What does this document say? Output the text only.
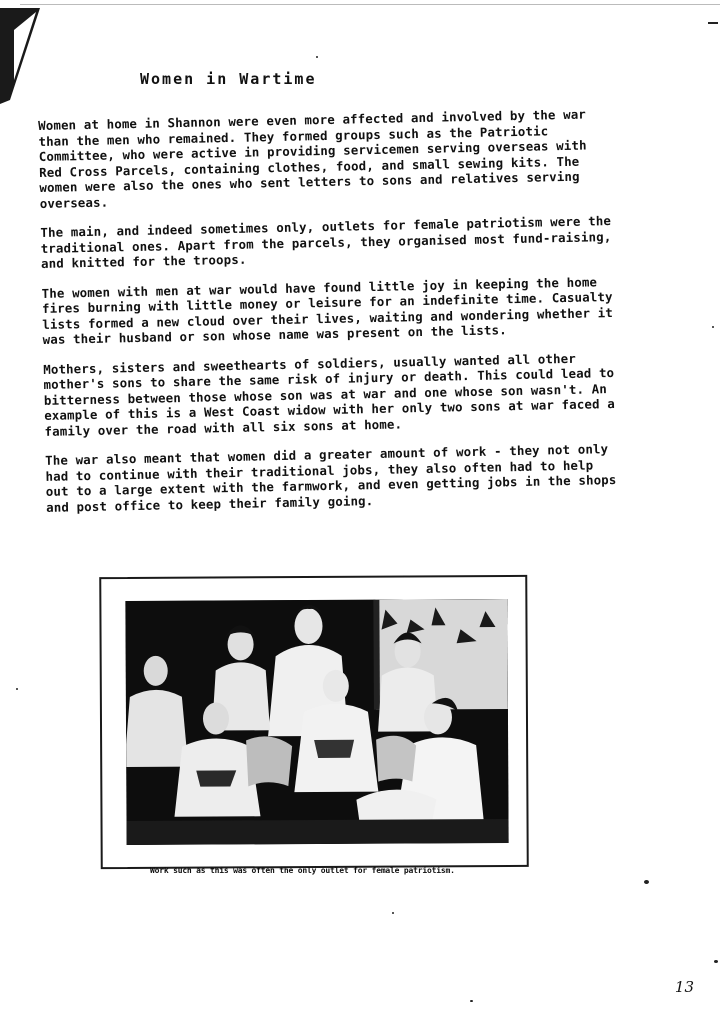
Women in Wartime

Women at home in Shannon were even more affected and involved by the war than the men who remained. They formed groups such as the Patriotic Committee, who were active in providing servicemen serving overseas with Red Cross Parcels, containing clothes, food, and small sewing kits. The women were also the ones who sent letters to sons and relatives serving overseas.

The main, and indeed sometimes only, outlets for female patriotism were the traditional ones. Apart from the parcels, they organised most fund-raising, and knitted for the troops.

The women with men at war would have found little joy in keeping the home fires burning with little money or leisure for an indefinite time. Casualty lists formed a new cloud over their lives, waiting and wondering whether it was their husband or son whose name was present on the lists.

Mothers, sisters and sweethearts of soldiers, usually wanted all other mother's sons to share the same risk of injury or death. This could lead to bitterness between those whose son was at war and one whose son wasn't. An example of this is a West Coast widow with her only two sons at war faced a family over the road with all six sons at home.

The war also meant that women did a greater amount of work - they not only had to continue with their traditional jobs, they also often had to help out to a large extent with the farmwork, and even getting jobs in the shops and post office to keep their family going.

Work such as this was often the only outlet for female patriotism.
13
